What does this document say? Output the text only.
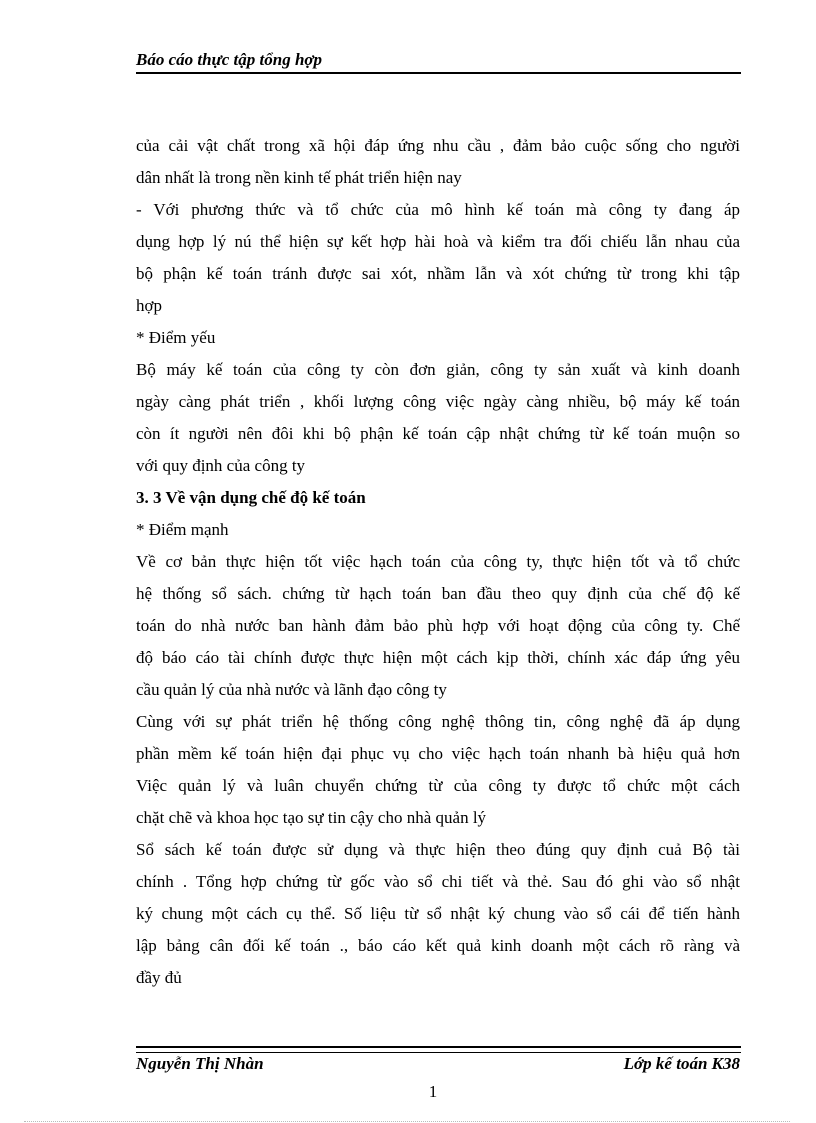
Báo cáo thực tập tổng hợp
của cải vật chất trong xã hội đáp ứng nhu cầu , đảm bảo cuộc sống cho người
dân nhất là trong nền kinh tế phát triển hiện nay
- Với phương thức và tổ chức của mô hình kế toán mà công ty đang áp
dụng hợp lý nú thể hiện sự kết hợp hài hoà và kiểm tra đối chiếu lẫn nhau của
bộ phận kế toán tránh được sai xót, nhầm lẫn và xót chứng từ trong khi tập
hợp
* Điểm yếu
Bộ máy kế toán của công ty còn đơn giản, công ty sản xuất và kinh doanh
ngày càng phát triển , khối lượng công việc ngày càng nhiều, bộ máy kế toán
còn ít người nên đôi khi bộ phận kế toán cập nhật chứng từ kế toán muộn so
với quy định của công ty
3. 3 Về vận dụng chế độ kế toán
* Điểm mạnh
Về cơ bản thực hiện tốt việc hạch toán của công ty, thực hiện tốt và tổ chức
hệ thống sổ sách. chứng từ hạch toán ban đầu theo quy định của chế độ kế
toán do nhà nước ban hành đảm bảo phù hợp với hoạt động của công ty. Chế
độ báo cáo tài chính được thực hiện một cách kịp thời, chính xác đáp ứng yêu
cầu quản lý của nhà nước và lãnh đạo công ty
Cùng với sự phát triển hệ thống công nghệ thông tin, công nghệ đã áp dụng
phần mềm kế toán hiện đại phục vụ cho việc hạch toán nhanh bà hiệu quả hơn
Việc quản lý và luân chuyển chứng từ của công ty được tổ chức một cách
chặt chẽ và khoa học tạo sự tin cậy cho nhà quản lý
Sổ sách kế toán được sử dụng và thực hiện theo đúng quy định cuả Bộ tài
chính . Tổng hợp chứng từ gốc vào sổ chi tiết và thẻ. Sau đó ghi vào sổ nhật
ký chung một cách cụ thể. Số liệu từ sổ nhật ký chung vào sổ cái để tiến hành
lập bảng cân đối kế toán ., báo cáo kết quả kinh doanh một cách rõ ràng và
đầy đủ
Nguyễn Thị Nhàn	Lớp kế toán K38
1
